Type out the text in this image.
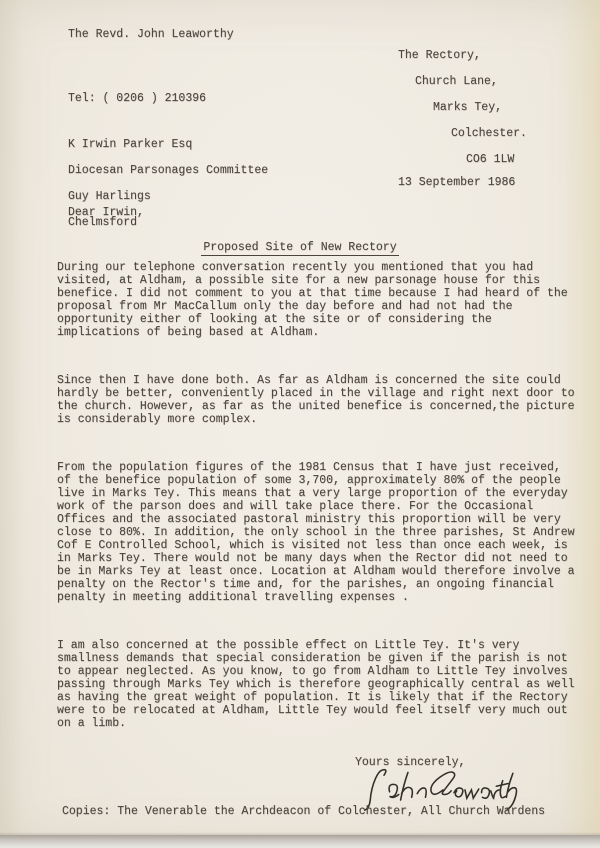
The Revd. John Leaworthy

The Rectory,

Church Lane,

Marks Tey,

Colchester.

CO6 1LW

Tel: ( 0206 ) 210396

K Irwin Parker Esq

Diocesan Parsonages Committee

Guy Harlings

Chelmsford

13 September 1986
Dear Irwin,

Proposed Site of New Rectory

During our telephone conversation recently you mentioned that you had visited, at Aldham, a possible site for a new parsonage house for this benefice. I did not comment to you at that time because I had heard of the proposal from Mr MacCallum only the day before and had not had the opportunity either of looking at the site or of considering the implications of being based at Aldham.

Since then I have done both. As far as Aldham is concerned the site could hardly be better, conveniently placed in the village and right next door to the church. However, as far as the united benefice is concerned,the picture is considerably more complex.

From the population figures of the 1981 Census that I have just received, of the benefice population of some 3,700, approximately 80% of the people live in Marks Tey. This means that a very large proportion of the everyday work of the parson does and will take place there. For the Occasional Offices and the associated pastoral ministry this proportion will be very close to 80%. In addition, the only school in the three parishes, St Andrew Cof E Controlled School, which is visited not less than once each week, is in Marks Tey. There would not be many days when the Rector did not need to be in Marks Tey at least once. Location at Aldham would therefore involve a penalty on the Rector's time and, for the parishes, an ongoing financial penalty in meeting additional travelling expenses .

I am also concerned at the possible effect on Little Tey. It's very smallness demands that special consideration be given if the parish is not to appear neglected. As you know, to go from Aldham to Little Tey involves passing through Marks Tey which is therefore geographically central as well as having the great weight of population. It is likely that if the Rectory were to be relocated at Aldham, Little Tey would feel itself very much out on a limb.

Yours sincerely,
Copies: The Venerable the Archdeacon of Colchester, All Church Wardens
